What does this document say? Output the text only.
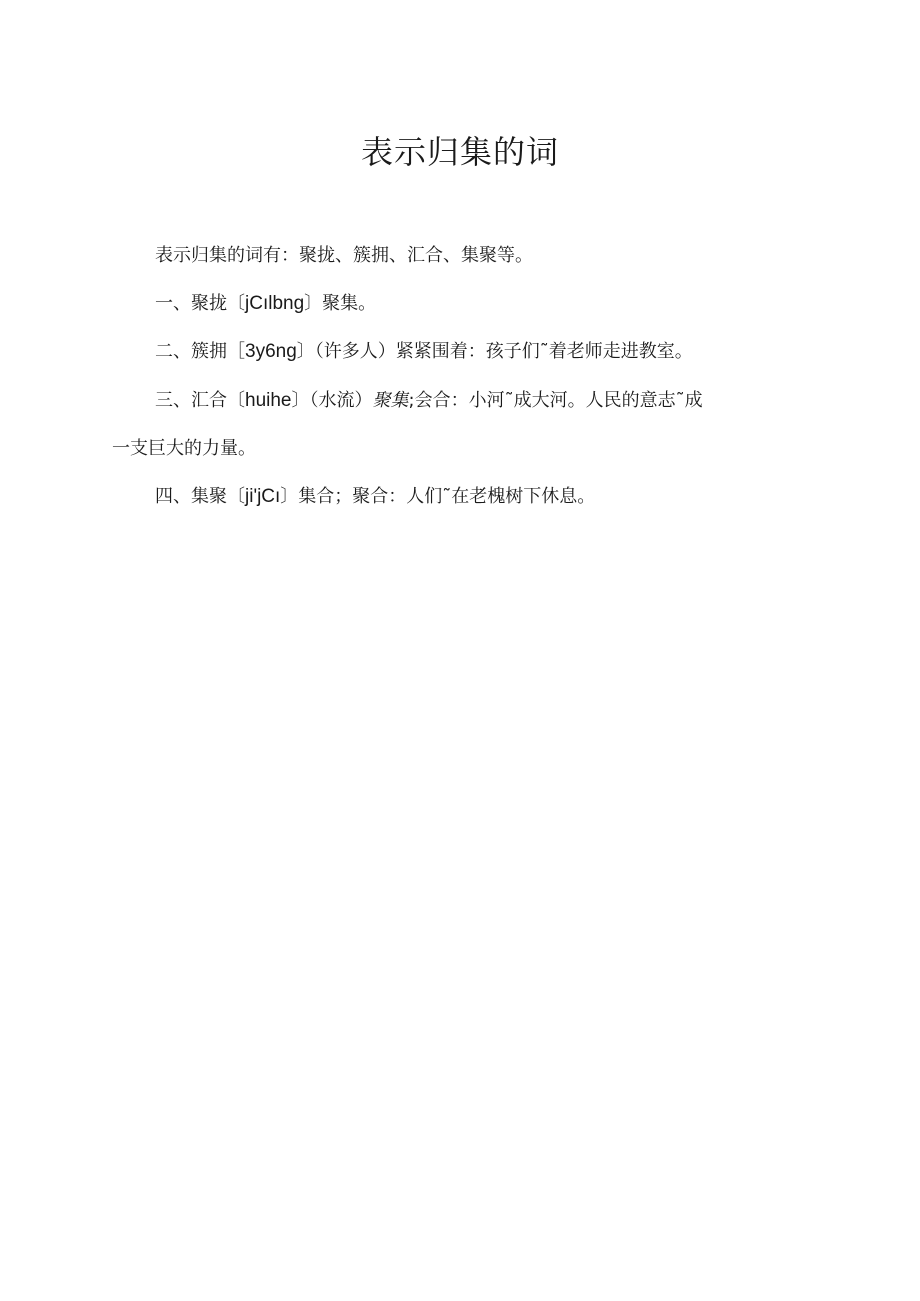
表示归集的词

表示归集的词有：聚拢、簇拥、汇合、集聚等。

一、聚拢〔jCılbng〕聚集。

二、簇拥［3y6ng〕（许多人）紧紧围着：孩子们˜着老师走进教室。

三、汇合〔huihe〕（水流）聚集;会合：小河˜成大河。人民的意志˜成

一支巨大的力量。

四、集聚〔ji'jCı〕集合；聚合：人们˜在老槐树下休息。
